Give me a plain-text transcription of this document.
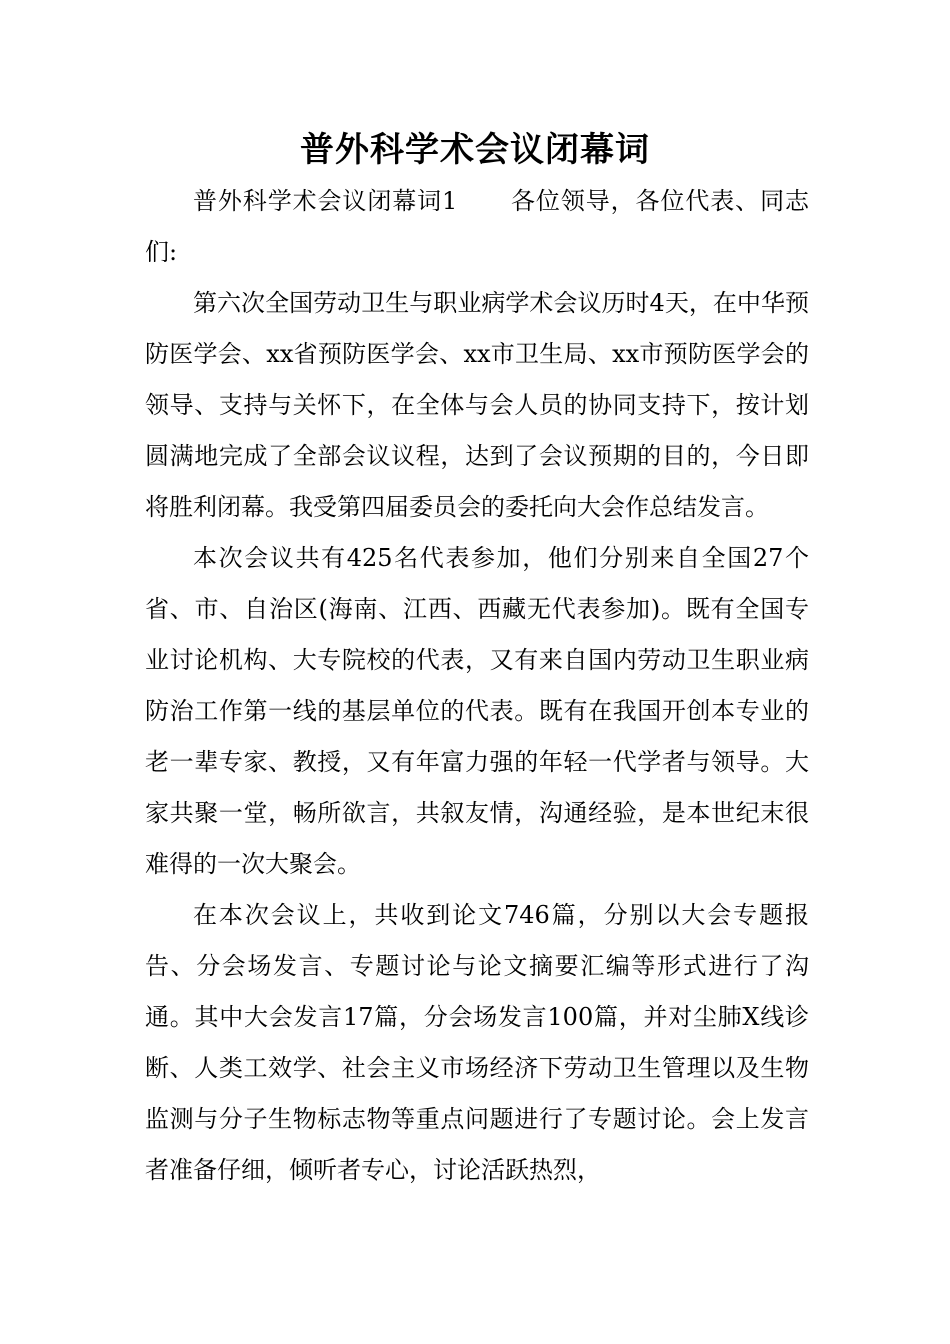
普外科学术会议闭幕词

普外科学术会议闭幕词1 各位领导，各位代表、同志们:

第六次全国劳动卫生与职业病学术会议历时4天，在中华预防医学会、xx省预防医学会、xx市卫生局、xx市预防医学会的领导、支持与关怀下，在全体与会人员的协同支持下，按计划圆满地完成了全部会议议程，达到了会议预期的目的，今日即将胜利闭幕。我受第四届委员会的委托向大会作总结发言。

本次会议共有425名代表参加，他们分别来自全国27个省、市、自治区(海南、江西、西藏无代表参加)。既有全国专业讨论机构、大专院校的代表，又有来自国内劳动卫生职业病防治工作第一线的基层单位的代表。既有在我国开创本专业的老一辈专家、教授，又有年富力强的年轻一代学者与领导。大家共聚一堂，畅所欲言，共叙友情，沟通经验，是本世纪末很难得的一次大聚会。

在本次会议上，共收到论文746篇，分别以大会专题报告、分会场发言、专题讨论与论文摘要汇编等形式进行了沟通。其中大会发言17篇，分会场发言100篇，并对尘肺X线诊断、人类工效学、社会主义市场经济下劳动卫生管理以及生物监测与分子生物标志物等重点问题进行了专题讨论。会上发言者准备仔细，倾听者专心，讨论活跃热烈，
